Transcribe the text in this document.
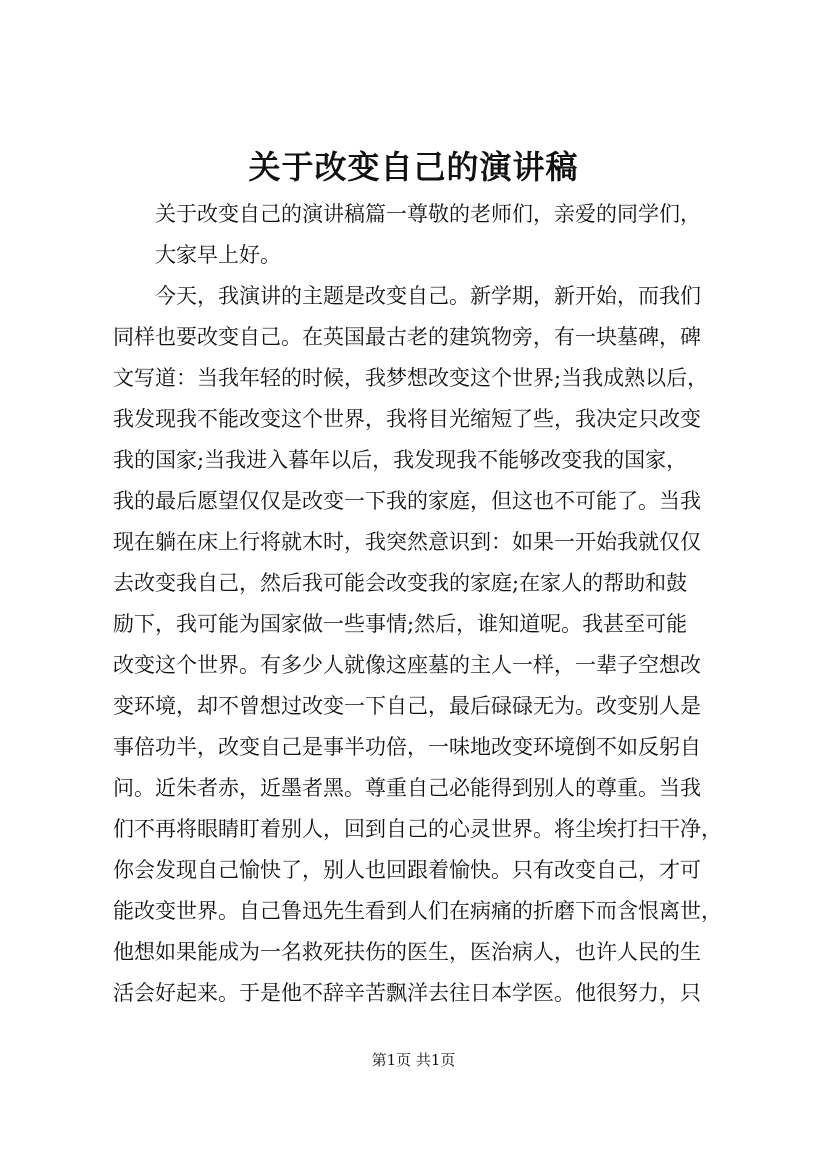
关于改变自己的演讲稿
关于改变自己的演讲稿篇一尊敬的老师们，亲爱的同学们，
大家早上好。
今天，我演讲的主题是改变自己。新学期，新开始，而我们
同样也要改变自己。在英国最古老的建筑物旁，有一块墓碑，碑
文写道：当我年轻的时候，我梦想改变这个世界;当我成熟以后，
我发现我不能改变这个世界，我将目光缩短了些，我决定只改变
我的国家;当我进入暮年以后，我发现我不能够改变我的国家，
我的最后愿望仅仅是改变一下我的家庭，但这也不可能了。当我
现在躺在床上行将就木时，我突然意识到：如果一开始我就仅仅
去改变我自己，然后我可能会改变我的家庭;在家人的帮助和鼓
励下，我可能为国家做一些事情;然后，谁知道呢。我甚至可能
改变这个世界。有多少人就像这座墓的主人一样，一辈子空想改
变环境，却不曾想过改变一下自己，最后碌碌无为。改变别人是
事倍功半，改变自己是事半功倍，一味地改变环境倒不如反躬自
问。近朱者赤，近墨者黑。尊重自己必能得到别人的尊重。当我
们不再将眼睛盯着别人，回到自己的心灵世界。将尘埃打扫干净，
你会发现自己愉快了，别人也回跟着愉快。只有改变自己，才可
能改变世界。自己鲁迅先生看到人们在病痛的折磨下而含恨离世，
他想如果能成为一名救死扶伤的医生，医治病人，也许人民的生
活会好起来。于是他不辞辛苦飘洋去往日本学医。他很努力，只
第1页 共1页
